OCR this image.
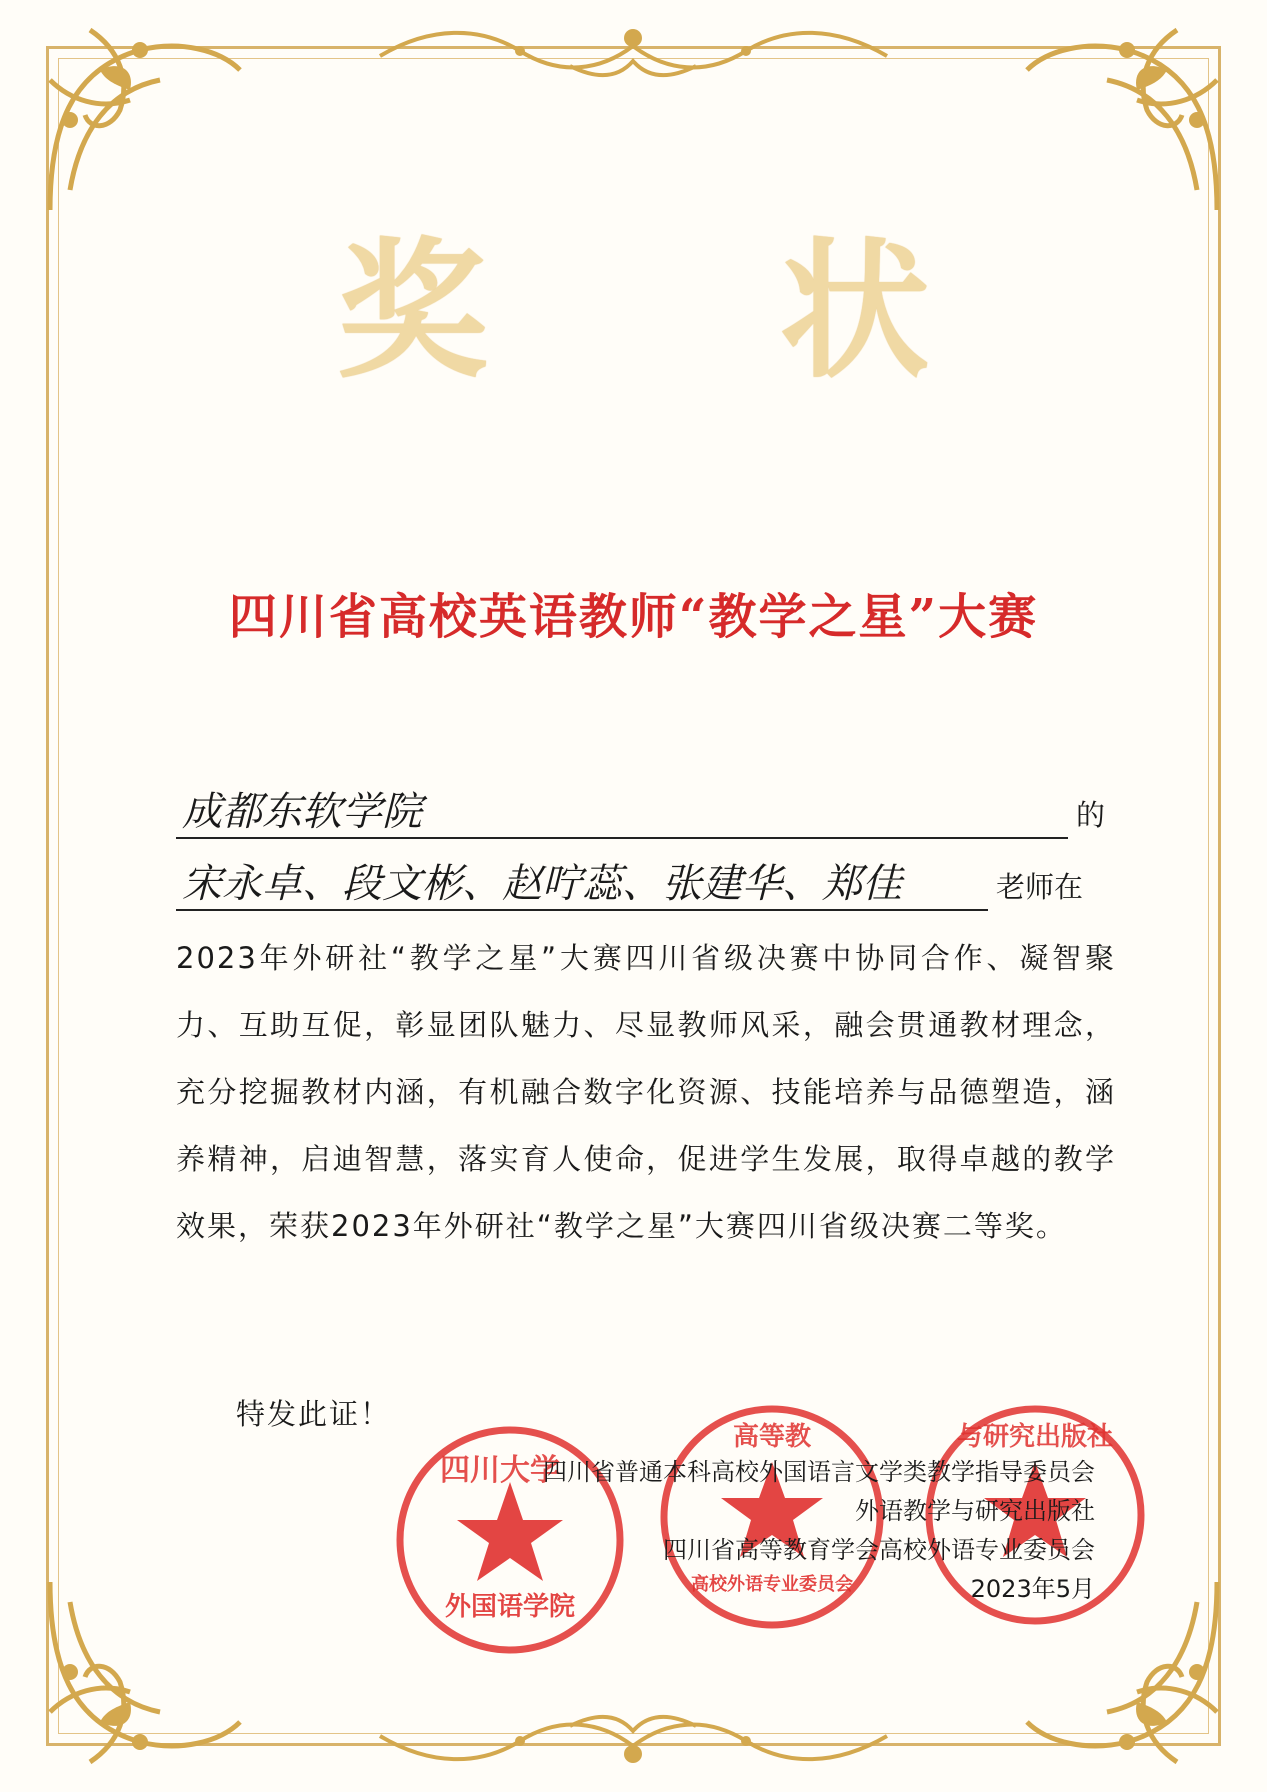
奖 状
四川省高校英语教师“教学之星”大赛
成都东软学院	的
宋永卓、段文彬、赵咛蕊、张建华、郑佳	老师在
2023年外研社“教学之星”大赛四川省级决赛中协同合作、凝智聚力、互助互促，彰显团队魅力、尽显教师风采，融会贯通教材理念，充分挖掘教材内涵，有机融合数字化资源、技能培养与品德塑造，涵养精神，启迪智慧，落实育人使命，促进学生发展，取得卓越的教学效果，荣获2023年外研社“教学之星”大赛四川省级决赛二等奖。
特发此证！
外国语学院
四川大学
高校外语专业委员会
高等教	与研究出版社
四川省普通本科高校外国语言文学类教学指导委员会
外语教学与研究出版社
四川省高等教育学会高校外语专业委员会
2023年5月
